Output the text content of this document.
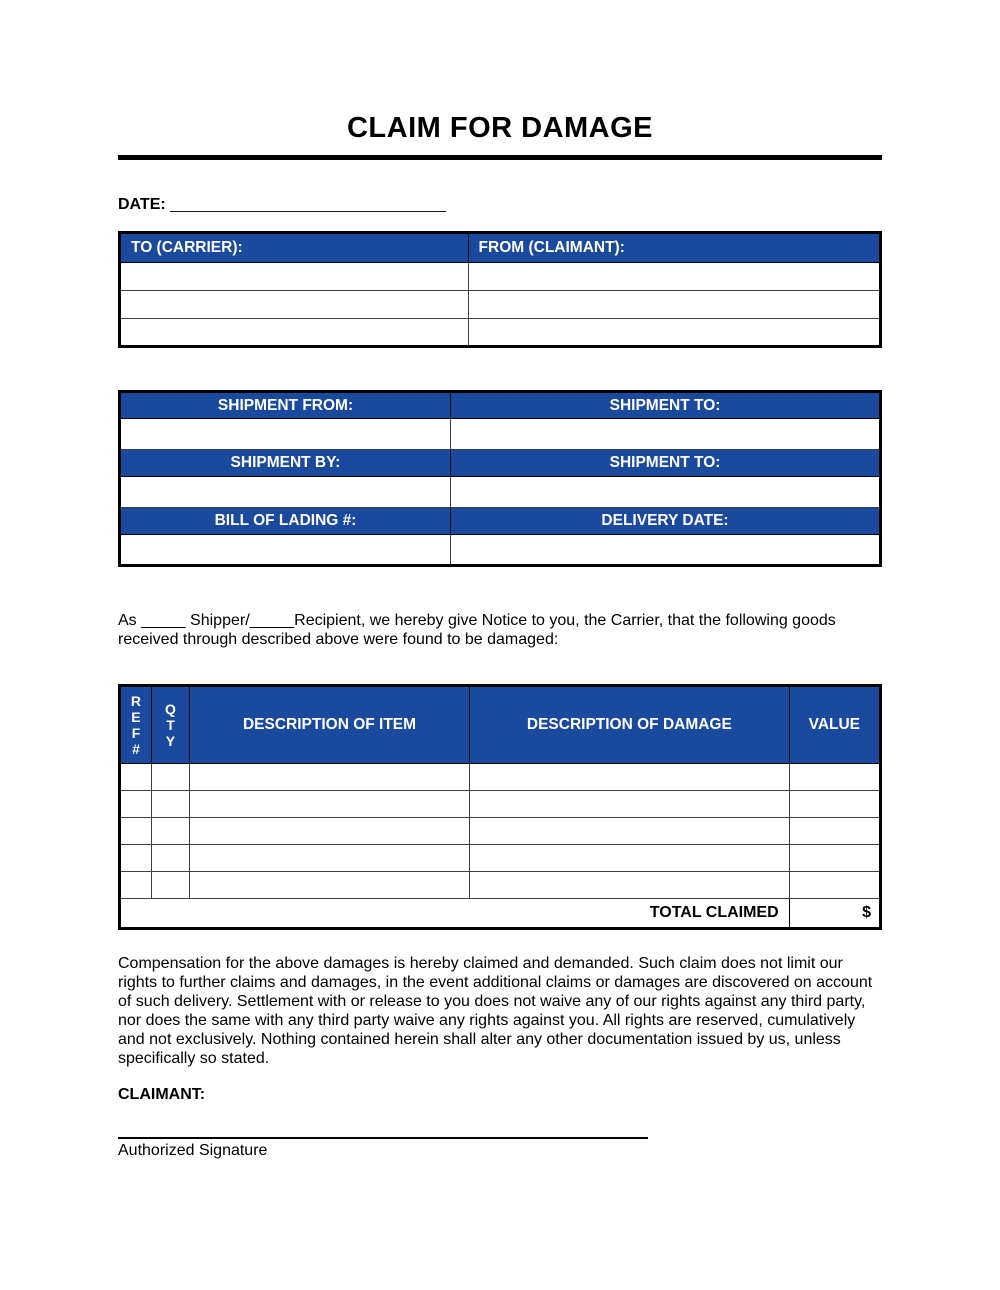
CLAIM FOR DAMAGE
DATE: _______________________________
TO (CARRIER):	FROM (CLAIMANT):

SHIPMENT FROM:	SHIPMENT TO:

SHIPMENT BY:	SHIPMENT TO:

BILL OF LADING #:	DELIVERY DATE:

As _____ Shipper/_____Recipient, we hereby give Notice to you, the Carrier, that the following goods received through described above were found to be damaged:

REF#	QTY	DESCRIPTION OF ITEM	DESCRIPTION OF DAMAGE	VALUE

TOTAL CLAIMED				$

Compensation for the above damages is hereby claimed and demanded. Such claim does not limit our rights to further claims and damages, in the event additional claims or damages are discovered on account of such delivery. Settlement with or release to you does not waive any of our rights against any third party, nor does the same with any third party waive any rights against you. All rights are reserved, cumulatively and not exclusively. Nothing contained herein shall alter any other documentation issued by us, unless specifically so stated.

CLAIMANT:
Authorized Signature
